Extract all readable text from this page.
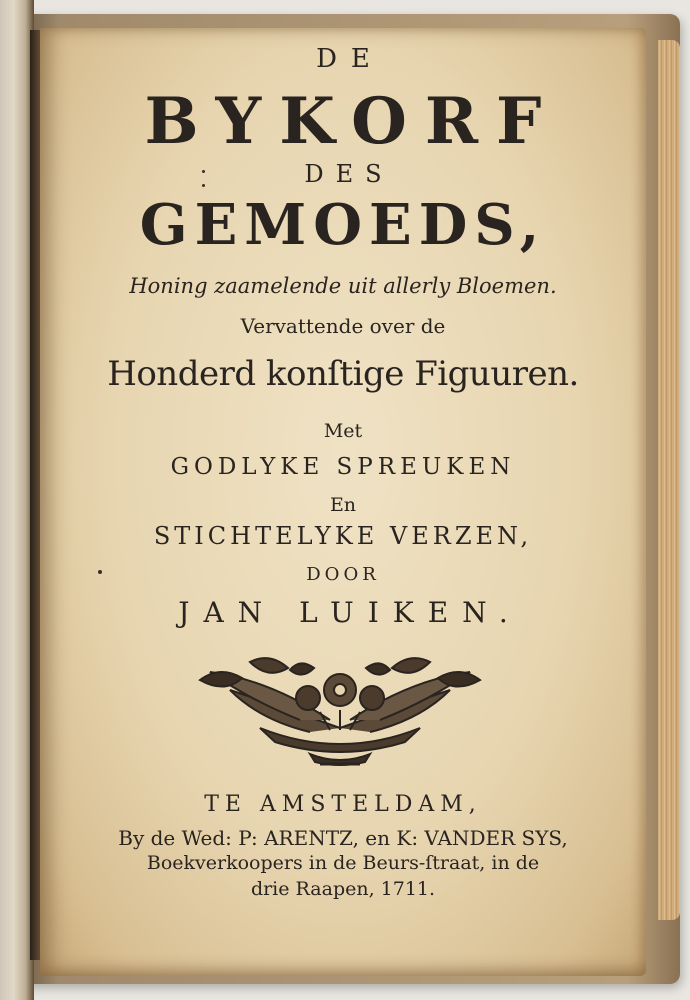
DE
BYKORF
DES
GEMOEDS,
Honing zaamelende uit allerly Bloemen.
Vervattende over de
Honderd konſtige Figuuren.
Met
GODLYKE SPREUKEN
En
STICHTELYKE VERZEN,
DOOR
JAN LUIKEN.
TE AMSTELDAM,
By de Wed: P: ARENTZ, en K: VANDER SYS,
Boekverkoopers in de Beurs-ſtraat, in de
drie Raapen, 1711.
